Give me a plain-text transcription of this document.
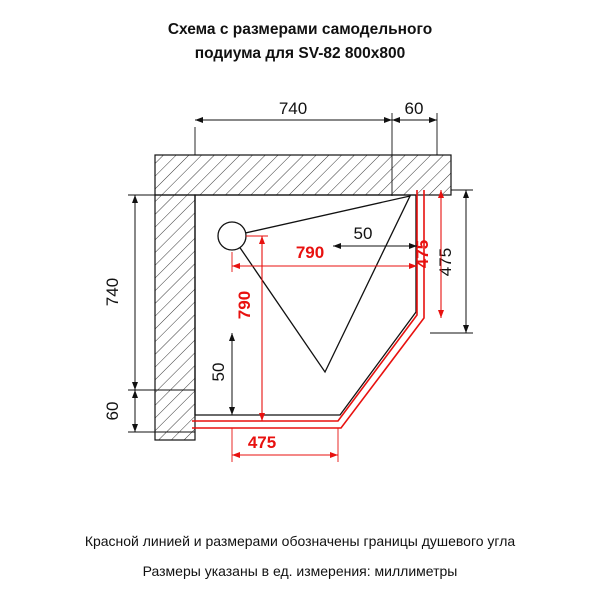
Схема с размерами самодельного
подиума для SV-82 800x800
740	60
740
60
475
475
790
790
50
50
475
Красной линией и размерами обозначены границы душевого угла
Размеры указаны в ед. измерения: миллиметры
